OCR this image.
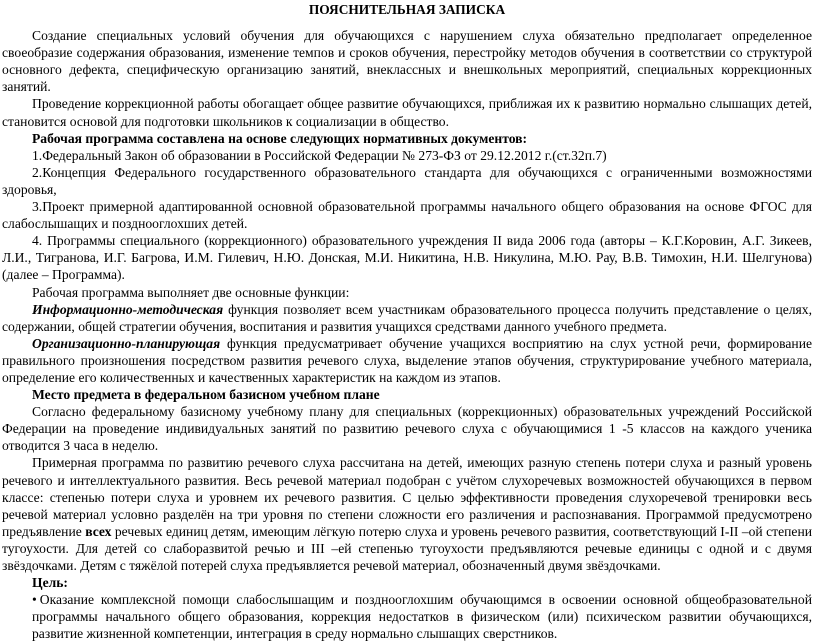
ПОЯСНИТЕЛЬНАЯ ЗАПИСКА

Создание специальных условий обучения для обучающихся с нарушением слуха обязательно предполагает определенное своеобразие содержания образования, изменение темпов и сроков обучения, перестройку методов обучения в соответствии со структурой основного дефекта, специфическую организацию занятий, внеклассных и внешкольных мероприятий, специальных коррекционных занятий.

Проведение коррекционной работы обогащает общее развитие обучающихся, приближая их к развитию нормально слышащих детей, становится основой для подготовки школьников к социализации в общество.

Рабочая программа составлена на основе следующих нормативных документов:

1.Федеральный Закон об образовании в Российской Федерации № 273-ФЗ от 29.12.2012 г.(ст.32п.7)

2.Концепция Федерального государственного образовательного стандарта для обучающихся с ограниченными возможностями здоровья,

3.Проект примерной адаптированной основной образовательной программы начального общего образования на основе ФГОС для слабослышащих и позднооглохших детей.

4. Программы специального (коррекционного) образовательного учреждения II вида 2006 года (авторы – К.Г.Коровин, А.Г. Зикеев, Л.И., Тигранова, И.Г. Багрова, И.М. Гилевич, Н.Ю. Донская, М.И. Никитина, Н.В. Никулина, М.Ю. Рау, В.В. Тимохин, Н.И. Шелгунова) (далее – Программа).

Рабочая программа выполняет две основные функции:

Информационно-методическая функция позволяет всем участникам образовательного процесса получить представление о целях, содержании, общей стратегии обучения, воспитания и развития учащихся средствами данного учебного предмета.

Организационно-планирующая функция предусматривает обучение учащихся восприятию на слух устной речи, формирование правильного произношения посредством развития речевого слуха, выделение этапов обучения, структурирование учебного материала, определение его количественных и качественных характеристик на каждом из этапов.

Место предмета в федеральном базисном учебном плане

Согласно федеральному базисному учебному плану для специальных (коррекционных) образовательных учреждений Российской Федерации на проведение индивидуальных занятий по развитию речевого слуха с обучающимися 1 -5 классов на каждого ученика отводится 3 часа в неделю.

Примерная программа по развитию речевого слуха рассчитана на детей, имеющих разную степень потери слуха и разный уровень речевого и интеллектуального развития. Весь речевой материал подобран с учётом слухоречевых возможностей обучающихся в первом классе: степенью потери слуха и уровнем их речевого развития. С целью эффективности проведения слухоречевой тренировки весь речевой материал условно разделён на три уровня по степени сложности его различения и распознавания. Программой предусмотрено предъявление всех речевых единиц детям, имеющим лёгкую потерю слуха и уровень речевого развития, соответствующий I-II –ой степени тугоухости. Для детей со слаборазвитой речью и III –ей степенью тугоухости предъявляются речевые единицы с одной и с двумя звёздочками. Детям с тяжёлой потерей слуха предъявляется речевой материал, обозначенный двумя звёздочками.

Цель:

• Оказание комплексной помощи слабослышащим и позднооглохшим обучающимся в освоении основной общеобразовательной программы начального общего образования, коррекция недостатков в физическом (или) психическом развитии обучающихся, развитие жизненной компетенции, интеграция в среду нормально слышащих сверстников.
